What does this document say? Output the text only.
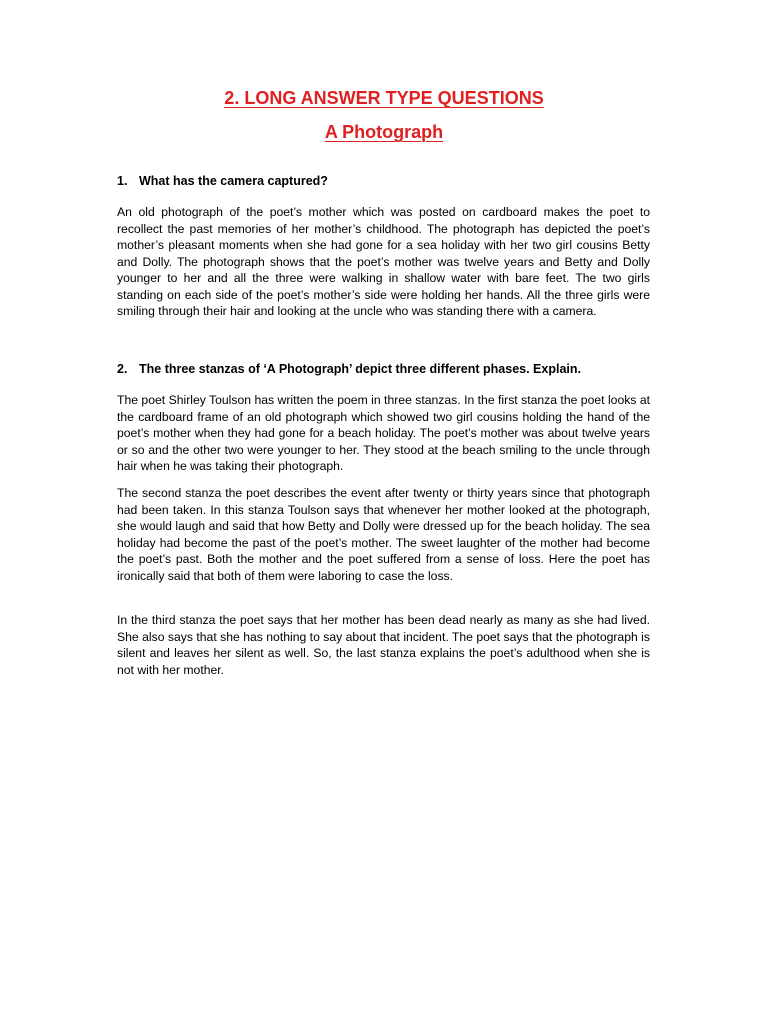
2. LONG ANSWER TYPE QUESTIONS
A Photograph
1. What has the camera captured?

An old photograph of the poet’s mother which was posted on cardboard makes the poet to recollect the past memories of her mother’s childhood. The photograph has depicted the poet’s mother’s pleasant moments when she had gone for a sea holiday with her two girl cousins Betty and Dolly. The photograph shows that the poet’s mother was twelve years and Betty and Dolly younger to her and all the three were walking in shallow water with bare feet. The two girls standing on each side of the poet’s mother’s side were holding her hands. All the three girls were smiling through their hair and looking at the uncle who was standing there with a camera.

2. The three stanzas of ‘A Photograph’ depict three different phases. Explain.

The poet Shirley Toulson has written the poem in three stanzas. In the first stanza the poet looks at the cardboard frame of an old photograph which showed two girl cousins holding the hand of the poet’s mother when they had gone for a beach holiday. The poet’s mother was about twelve years or so and the other two were younger to her. They stood at the beach smiling to the uncle through hair when he was taking their photograph.

The second stanza the poet describes the event after twenty or thirty years since that photograph had been taken. In this stanza Toulson says that whenever her mother looked at the photograph, she would laugh and said that how Betty and Dolly were dressed up for the beach holiday. The sea holiday had become the past of the poet’s mother. The sweet laughter of the mother had become the poet’s past. Both the mother and the poet suffered from a sense of loss. Here the poet has ironically said that both of them were laboring to case the loss.

In the third stanza the poet says that her mother has been dead nearly as many as she had lived. She also says that she has nothing to say about that incident. The poet says that the photograph is silent and leaves her silent as well. So, the last stanza explains the poet’s adulthood when she is not with her mother.
